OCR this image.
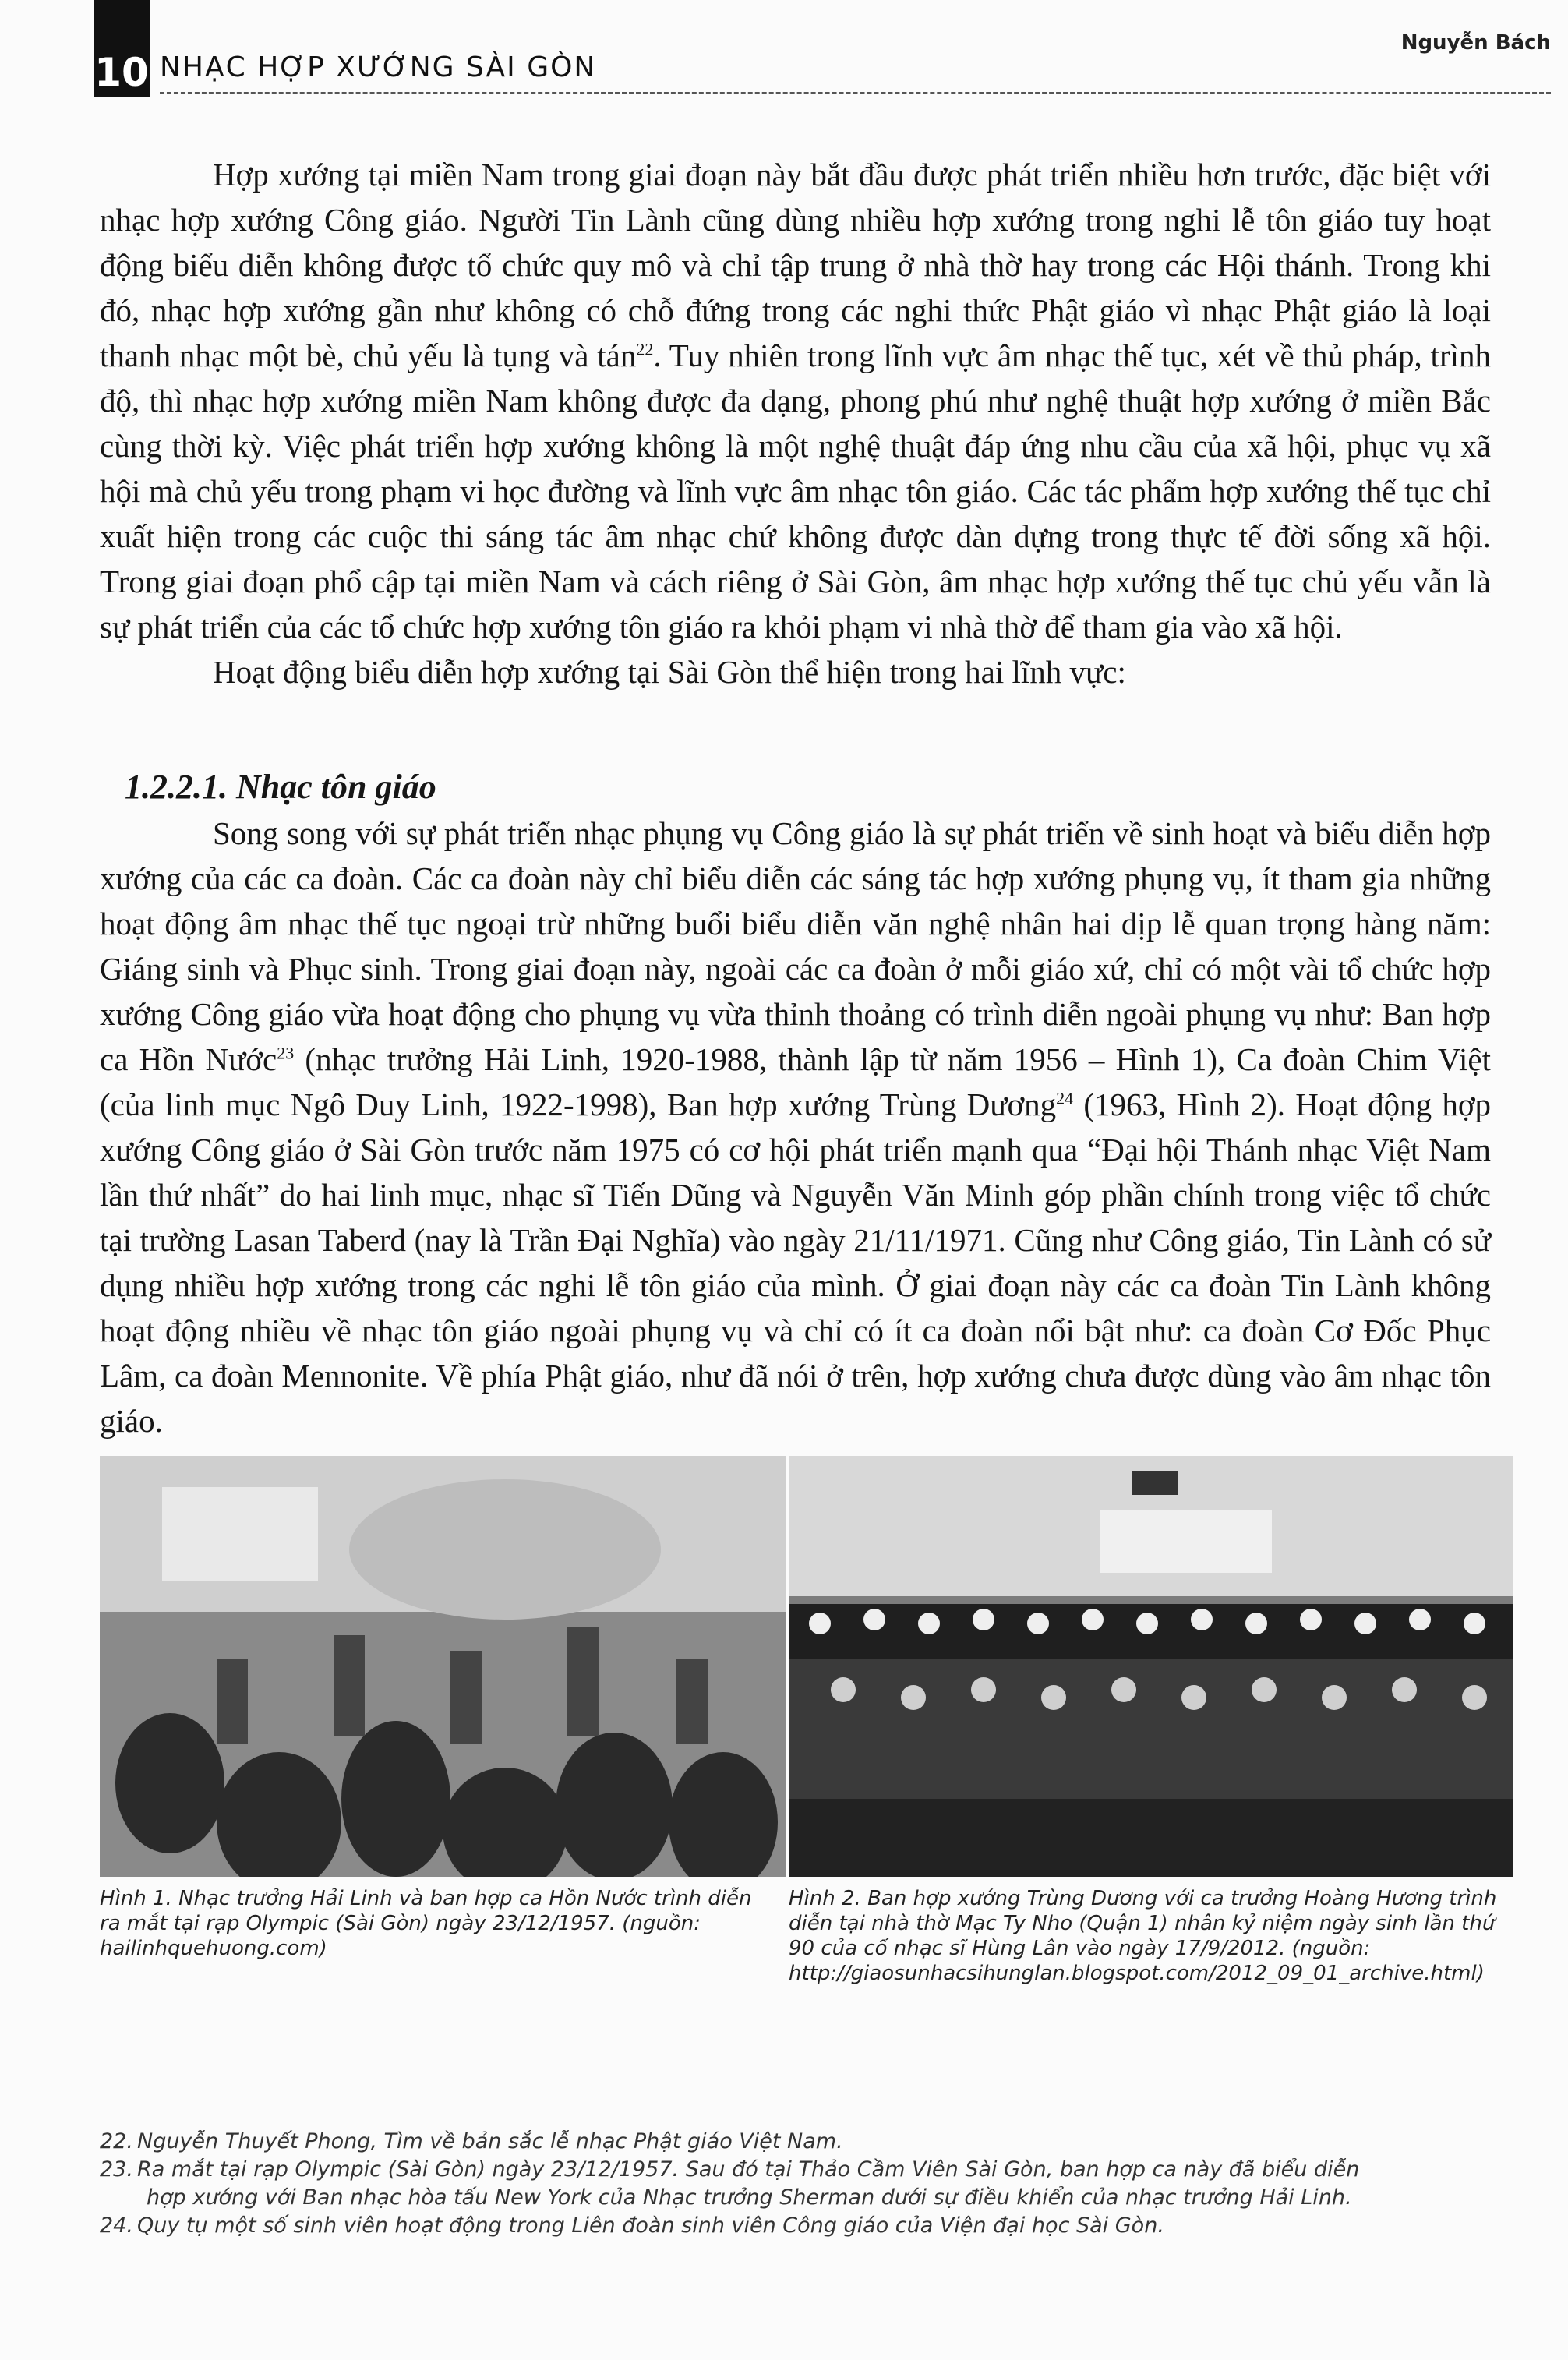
10 NHẠC HỢP XƯỚNG SÀI GÒN
Nguyễn Bách

Hợp xướng tại miền Nam trong giai đoạn này bắt đầu được phát triển nhiều hơn trước, đặc biệt với nhạc hợp xướng Công giáo. Người Tin Lành cũng dùng nhiều hợp xướng trong nghi lễ tôn giáo tuy hoạt động biểu diễn không được tổ chức quy mô và chỉ tập trung ở nhà thờ hay trong các Hội thánh. Trong khi đó, nhạc hợp xướng gần như không có chỗ đứng trong các nghi thức Phật giáo vì nhạc Phật giáo là loại thanh nhạc một bè, chủ yếu là tụng và tán$^{22}$. Tuy nhiên trong lĩnh vực âm nhạc thế tục, xét về thủ pháp, trình độ, thì nhạc hợp xướng miền Nam không được đa dạng, phong phú như nghệ thuật hợp xướng ở miền Bắc cùng thời kỳ. Việc phát triển hợp xướng không là một nghệ thuật đáp ứng nhu cầu của xã hội, phục vụ xã hội mà chủ yếu trong phạm vi học đường và lĩnh vực âm nhạc tôn giáo. Các tác phẩm hợp xướng thế tục chỉ xuất hiện trong các cuộc thi sáng tác âm nhạc chứ không được dàn dựng trong thực tế đời sống xã hội. Trong giai đoạn phổ cập tại miền Nam và cách riêng ở Sài Gòn, âm nhạc hợp xướng thế tục chủ yếu vẫn là sự phát triển của các tổ chức hợp xướng tôn giáo ra khỏi phạm vi nhà thờ để tham gia vào xã hội.

Hoạt động biểu diễn hợp xướng tại Sài Gòn thể hiện trong hai lĩnh vực:

1.2.2.1. Nhạc tôn giáo

Song song với sự phát triển nhạc phụng vụ Công giáo là sự phát triển về sinh hoạt và biểu diễn hợp xướng của các ca đoàn. Các ca đoàn này chỉ biểu diễn các sáng tác hợp xướng phụng vụ, ít tham gia những hoạt động âm nhạc thế tục ngoại trừ những buổi biểu diễn văn nghệ nhân hai dịp lễ quan trọng hàng năm: Giáng sinh và Phục sinh. Trong giai đoạn này, ngoài các ca đoàn ở mỗi giáo xứ, chỉ có một vài tổ chức hợp xướng Công giáo vừa hoạt động cho phụng vụ vừa thỉnh thoảng có trình diễn ngoài phụng vụ như: Ban hợp ca Hồn Nước$^{23}$ (nhạc trưởng Hải Linh, 1920-1988, thành lập từ năm 1956 – Hình 1), Ca đoàn Chim Việt (của linh mục Ngô Duy Linh, 1922-1998), Ban hợp xướng Trùng Dương$^{24}$ (1963, Hình 2). Hoạt động hợp xướng Công giáo ở Sài Gòn trước năm 1975 có cơ hội phát triển mạnh qua “Đại hội Thánh nhạc Việt Nam lần thứ nhất” do hai linh mục, nhạc sĩ Tiến Dũng và Nguyễn Văn Minh góp phần chính trong việc tổ chức tại trường Lasan Taberd (nay là Trần Đại Nghĩa) vào ngày 21/11/1971. Cũng như Công giáo, Tin Lành có sử dụng nhiều hợp xướng trong các nghi lễ tôn giáo của mình. Ở giai đoạn này các ca đoàn Tin Lành không hoạt động nhiều về nhạc tôn giáo ngoài phụng vụ và chỉ có ít ca đoàn nổi bật như: ca đoàn Cơ Đốc Phục Lâm, ca đoàn Mennonite. Về phía Phật giáo, như đã nói ở trên, hợp xướng chưa được dùng vào âm nhạc tôn giáo.

Hình 1. Nhạc trưởng Hải Linh và ban hợp ca Hồn Nước trình diễn ra mắt tại rạp Olympic (Sài Gòn) ngày 23/12/1957. (nguồn: hailinhquehuong.com)
Hình 2. Ban hợp xướng Trùng Dương với ca trưởng Hoàng Hương trình diễn tại nhà thờ Mạc Ty Nho (Quận 1) nhân kỷ niệm ngày sinh lần thứ 90 của cố nhạc sĩ Hùng Lân vào ngày 17/9/2012. (nguồn: http://giaosunhacsihunglan.blogspot.com/2012_09_01_archive.html)

22. Nguyễn Thuyết Phong, Tìm về bản sắc lễ nhạc Phật giáo Việt Nam.

23. Ra mắt tại rạp Olympic (Sài Gòn) ngày 23/12/1957. Sau đó tại Thảo Cầm Viên Sài Gòn, ban hợp ca này đã biểu diễn

hợp xướng với Ban nhạc hòa tấu New York của Nhạc trưởng Sherman dưới sự điều khiển của nhạc trưởng Hải Linh.

24. Quy tụ một số sinh viên hoạt động trong Liên đoàn sinh viên Công giáo của Viện đại học Sài Gòn.
